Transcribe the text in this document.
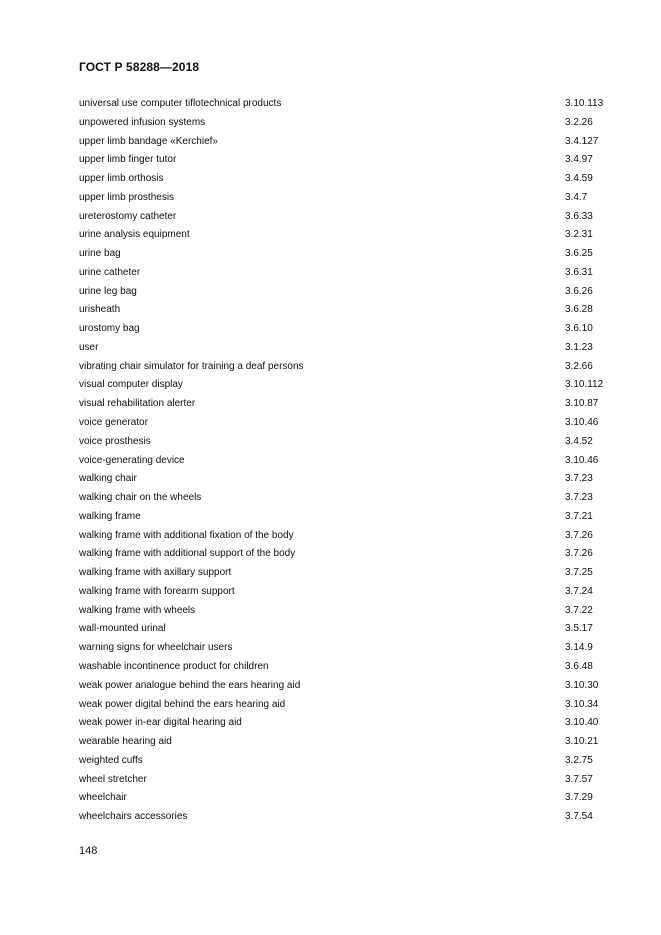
ГОСТ Р 58288—2018
universal use computer tiflotechnical products	3.10.113
unpowered infusion systems	3.2.26
upper limb bandage «Kerchief»	3.4.127
upper limb finger tutor	3.4.97
upper limb orthosis	3.4.59
upper limb prosthesis	3.4.7
ureterostomy catheter	3.6.33
urine analysis equipment	3.2.31
urine bag	3.6.25
urine catheter	3.6.31
urine leg bag	3.6.26
urisheath	3.6.28
urostomy bag	3.6.10
user	3.1.23
vibrating chair simulator for training a deaf persons	3.2.66
visual computer display	3.10.112
visual rehabilitation alerter	3.10.87
voice generator	3.10.46
voice prosthesis	3.4.52
voice-generating device	3.10.46
walking chair	3.7.23
walking chair on the wheels	3.7.23
walking frame	3.7.21
walking frame with additional fixation of the body	3.7.26
walking frame with additional support of the body	3.7.26
walking frame with axillary support	3.7.25
walking frame with forearm support	3.7.24
walking frame with wheels	3.7.22
wall-mounted urinal	3.5.17
warning signs for wheelchair users	3.14.9
washable incontinence product for children	3.6.48
weak power analogue behind the ears hearing aid	3.10.30
weak power digital behind the ears hearing aid	3.10.34
weak power in-ear digital hearing aid	3.10.40
wearable hearing aid	3.10.21
weighted cuffs	3.2.75
wheel stretcher	3.7.57
wheelchair	3.7.29
wheelchairs accessories	3.7.54
148
